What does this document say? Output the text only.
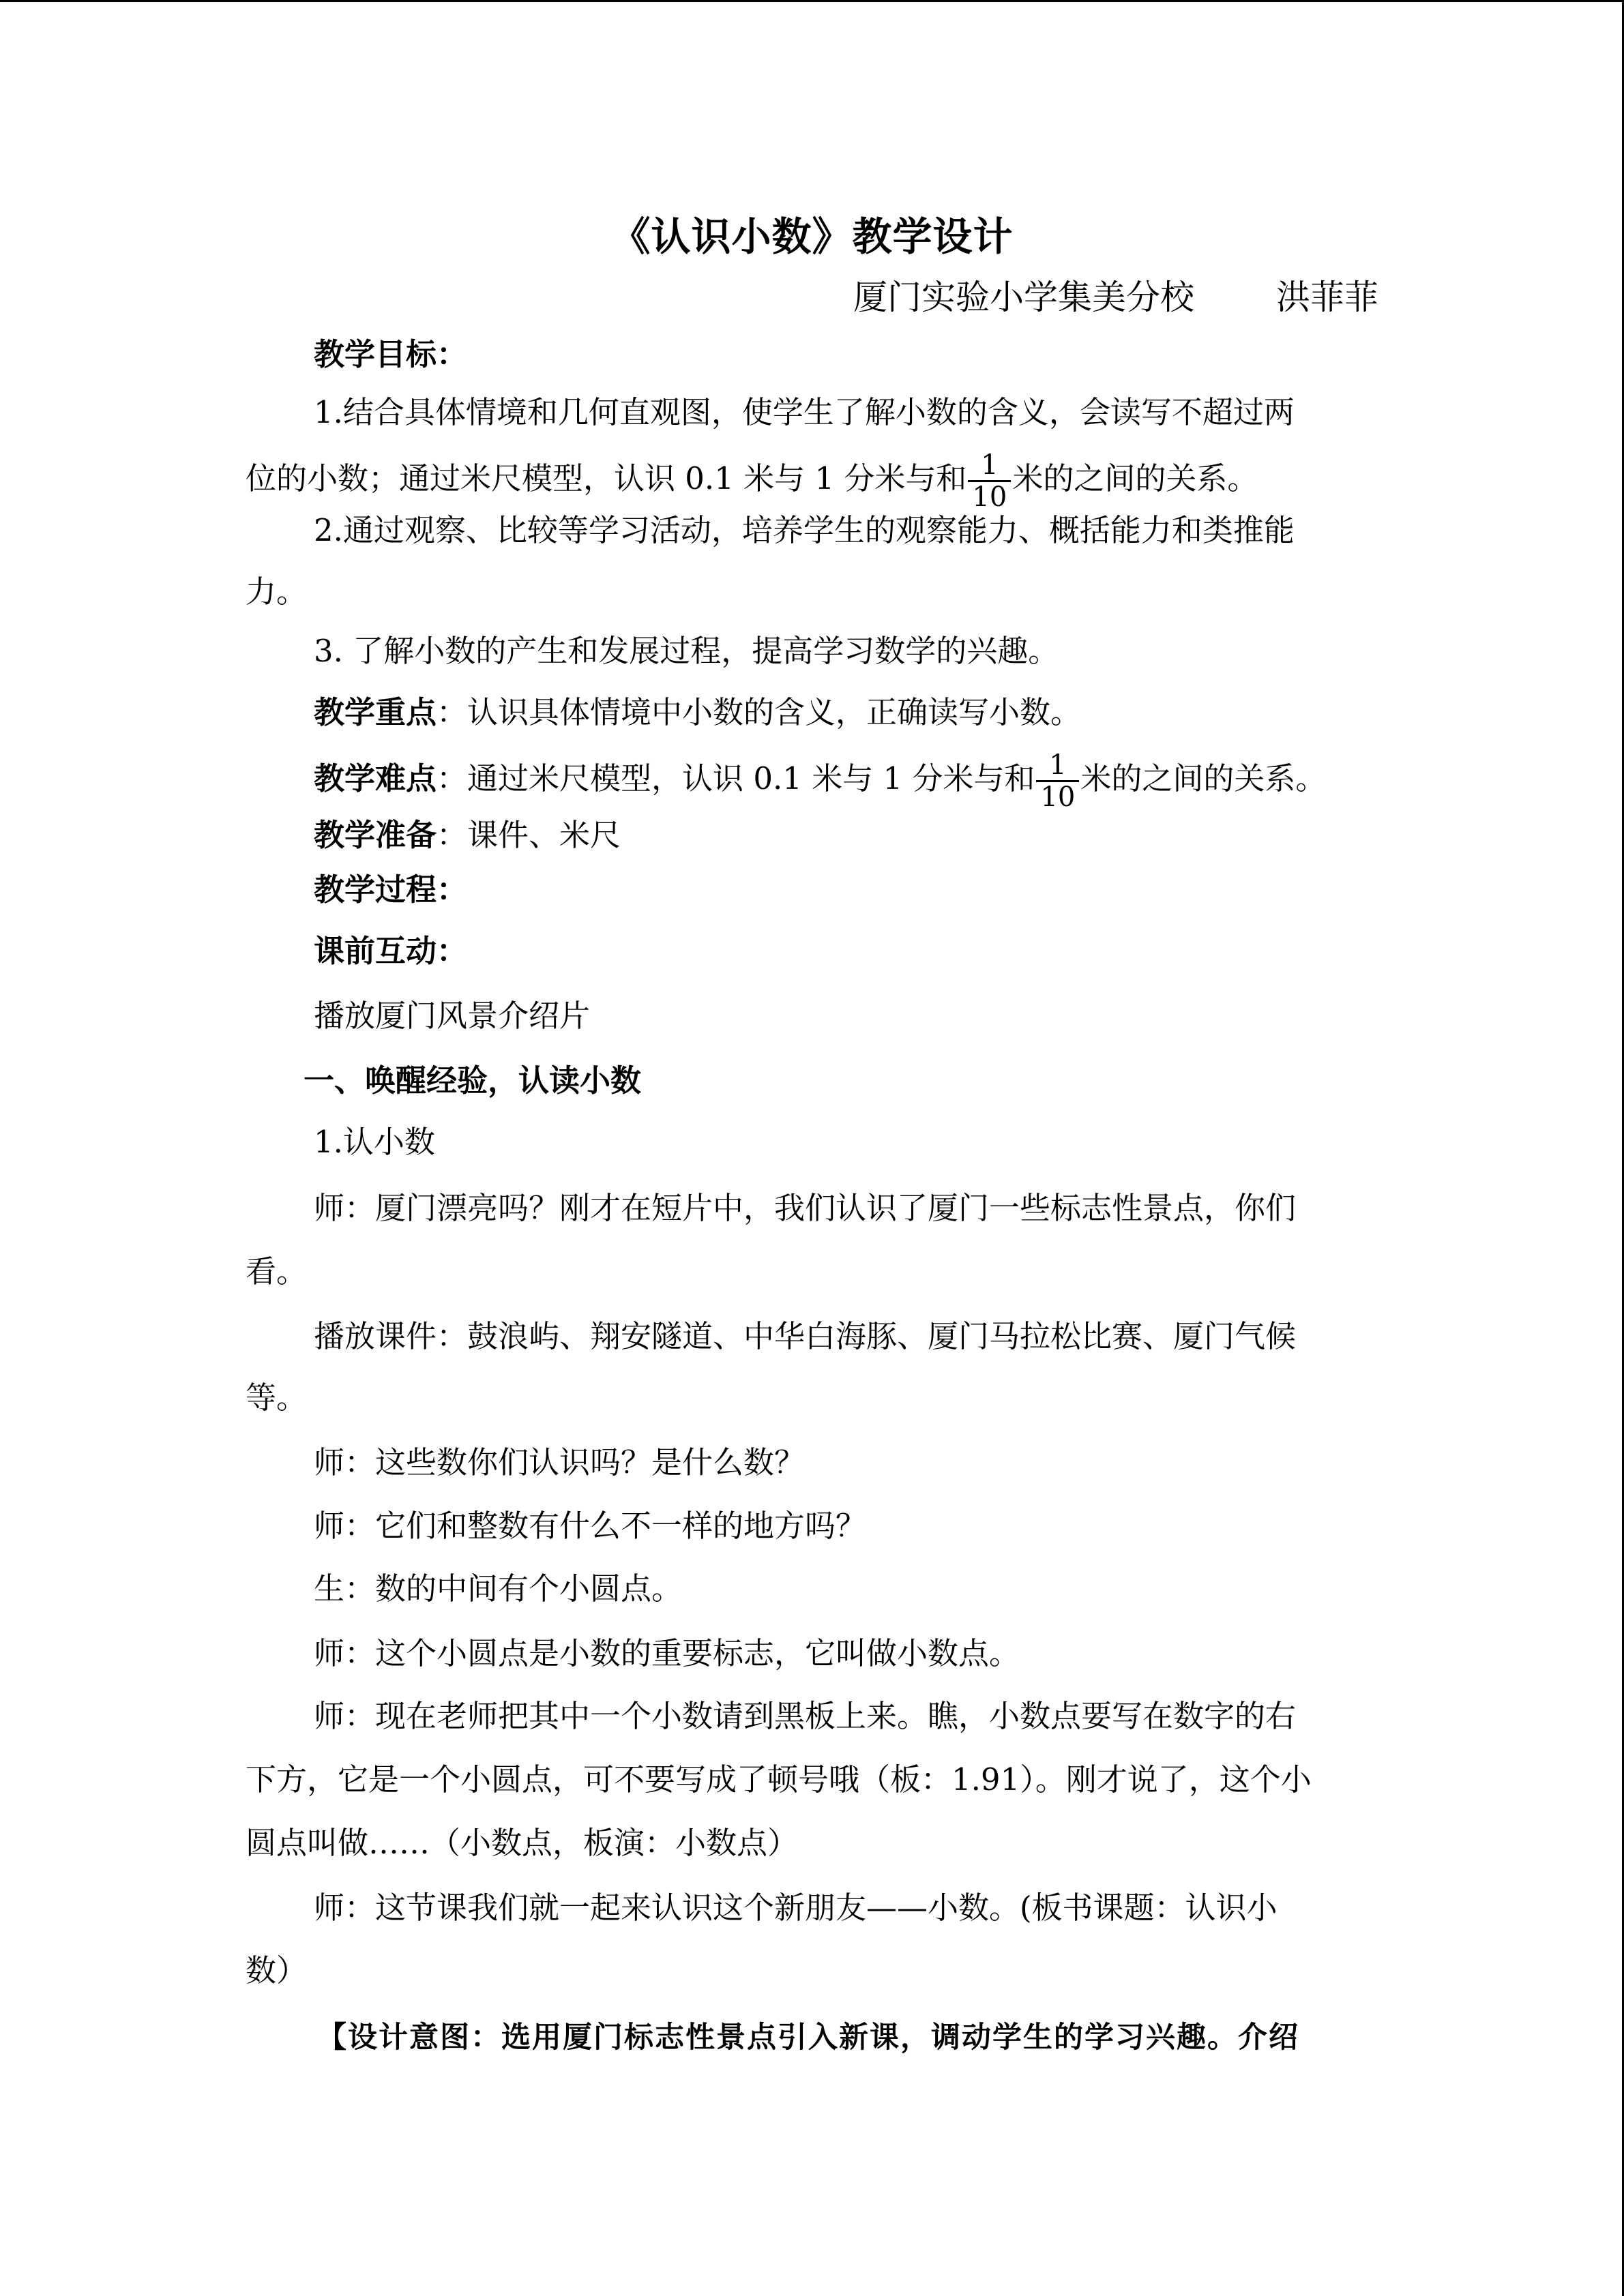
《认识小数》教学设计
厦门实验小学集美分校 洪菲菲
教学目标：
1.结合具体情境和几何直观图，使学生了解小数的含义，会读写不超过两
位的小数；通过米尺模型，认识 0.1 米与 1 分米与和 $\frac{1}{10}$ 米的之间的关系。
2.通过观察、比较等学习活动，培养学生的观察能力、概括能力和类推能
力。
3. 了解小数的产生和发展过程，提高学习数学的兴趣。
教学重点：认识具体情境中小数的含义，正确读写小数。
教学难点：通过米尺模型，认识 0.1 米与 1 分米与和 $\frac{1}{10}$ 米的之间的关系。
教学准备：课件、米尺
教学过程：
课前互动：
播放厦门风景介绍片
一、唤醒经验，认读小数
1.认小数
师：厦门漂亮吗？刚才在短片中，我们认识了厦门一些标志性景点，你们
看。
播放课件：鼓浪屿、翔安隧道、中华白海豚、厦门马拉松比赛、厦门气候
等。
师：这些数你们认识吗？是什么数？
师：它们和整数有什么不一样的地方吗？
生：数的中间有个小圆点。
师：这个小圆点是小数的重要标志，它叫做小数点。
师：现在老师把其中一个小数请到黑板上来。瞧，小数点要写在数字的右
下方，它是一个小圆点，可不要写成了顿号哦（板：1.91）。刚才说了，这个小
圆点叫做……（小数点，板演：小数点）
师：这节课我们就一起来认识这个新朋友——小数。(板书课题：认识小
数）
【设计意图：选用厦门标志性景点引入新课，调动学生的学习兴趣。介绍
